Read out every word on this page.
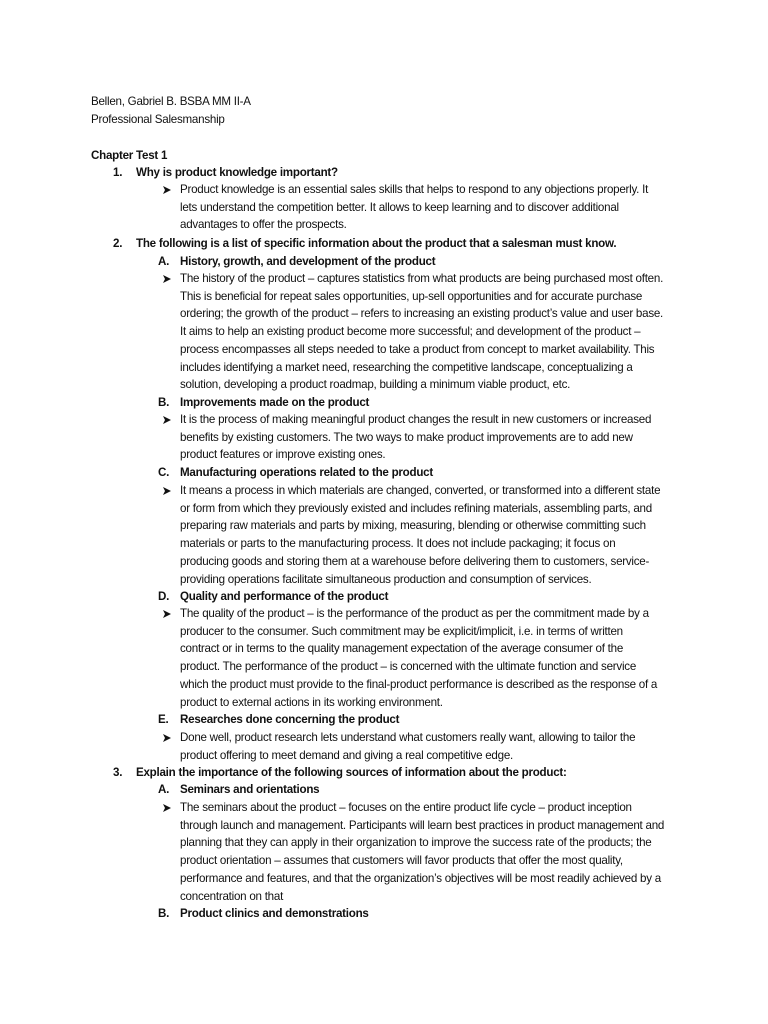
Bellen, Gabriel B. BSBA MM II-A
Professional Salesmanship
Chapter Test 1
1. Why is product knowledge important?
Product knowledge is an essential sales skills that helps to respond to any objections properly. It
lets understand the competition better. It allows to keep learning and to discover additional
advantages to offer the prospects.
2. The following is a list of specific information about the product that a salesman must know.
A. History, growth, and development of the product
The history of the product – captures statistics from what products are being purchased most often.
This is beneficial for repeat sales opportunities, up-sell opportunities and for accurate purchase
ordering; the growth of the product – refers to increasing an existing product’s value and user base.
It aims to help an existing product become more successful; and development of the product –
process encompasses all steps needed to take a product from concept to market availability. This
includes identifying a market need, researching the competitive landscape, conceptualizing a
solution, developing a product roadmap, building a minimum viable product, etc.
B. Improvements made on the product
It is the process of making meaningful product changes the result in new customers or increased
benefits by existing customers. The two ways to make product improvements are to add new
product features or improve existing ones.
C. Manufacturing operations related to the product
It means a process in which materials are changed, converted, or transformed into a different state
or form from which they previously existed and includes refining materials, assembling parts, and
preparing raw materials and parts by mixing, measuring, blending or otherwise committing such
materials or parts to the manufacturing process. It does not include packaging; it focus on
producing goods and storing them at a warehouse before delivering them to customers, service-
providing operations facilitate simultaneous production and consumption of services.
D. Quality and performance of the product
The quality of the product – is the performance of the product as per the commitment made by a
producer to the consumer. Such commitment may be explicit/implicit, i.e. in terms of written
contract or in terms to the quality management expectation of the average consumer of the
product. The performance of the product – is concerned with the ultimate function and service
which the product must provide to the final-product performance is described as the response of a
product to external actions in its working environment.
E. Researches done concerning the product
Done well, product research lets understand what customers really want, allowing to tailor the
product offering to meet demand and giving a real competitive edge.
3. Explain the importance of the following sources of information about the product:
A. Seminars and orientations
The seminars about the product – focuses on the entire product life cycle – product inception
through launch and management. Participants will learn best practices in product management and
planning that they can apply in their organization to improve the success rate of the products; the
product orientation – assumes that customers will favor products that offer the most quality,
performance and features, and that the organization’s objectives will be most readily achieved by a
concentration on that
B. Product clinics and demonstrations
